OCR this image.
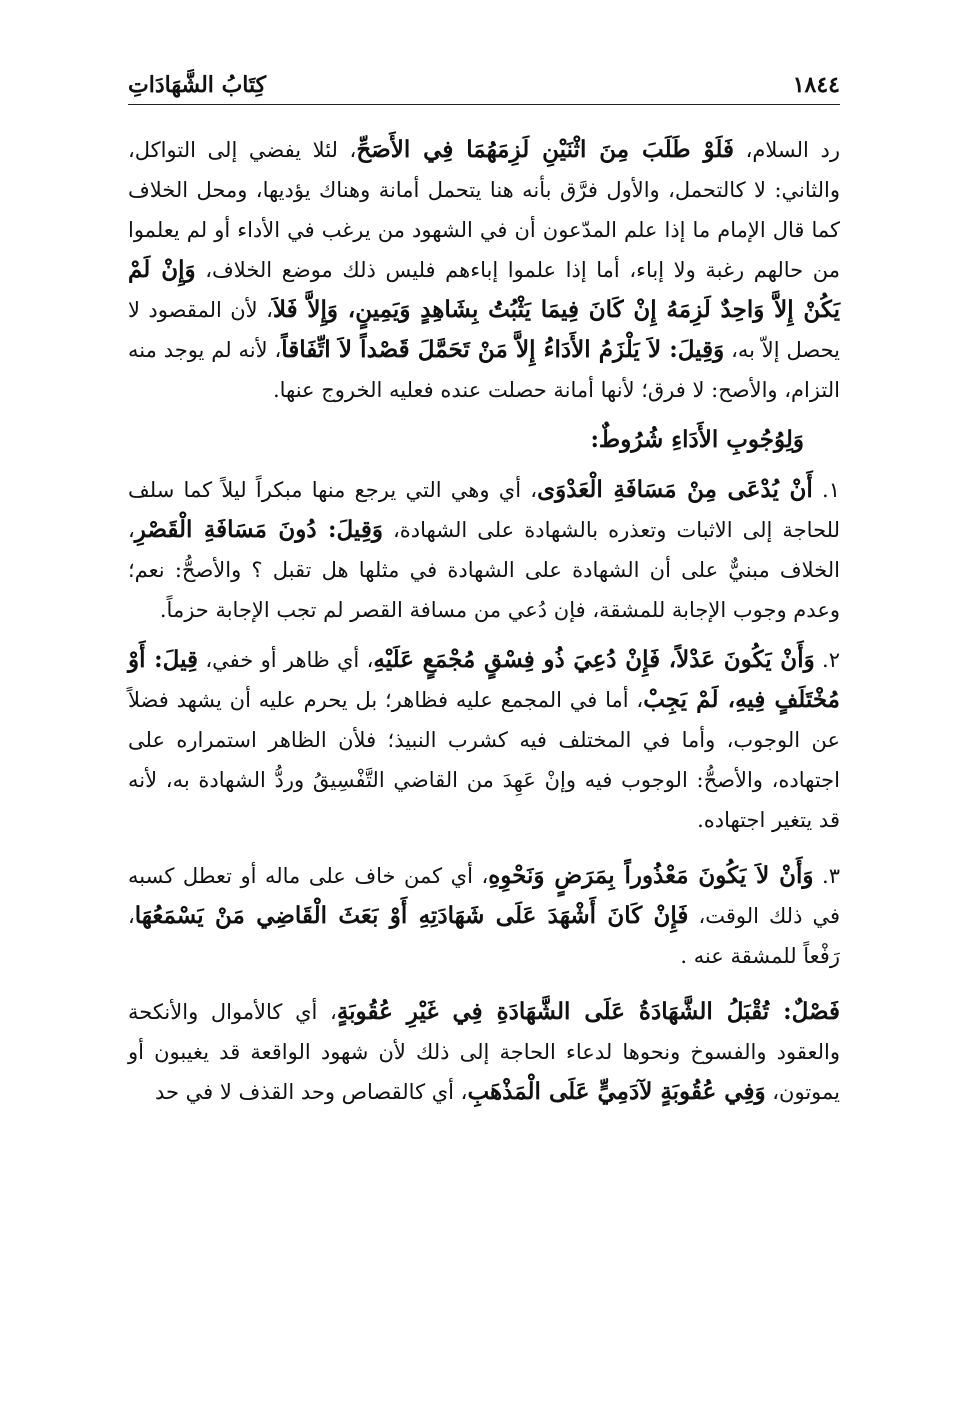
١٨٤٤
كِتَابُ الشَّهَادَاتِ

رد السلام، فَلَوْ طَلَبَ مِنَ اثْنَيْنِ لَزِمَهُمَا فِي الأَصَحِّ، لئلا يفضي إلى التواكل، والثاني: لا كالتحمل، والأول فرَّق بأنه هنا يتحمل أمانة وهناك يؤديها، ومحل الخلاف كما قال الإمام ما إذا علم المدّعون أن في الشهود من يرغب في الأداء أو لم يعلموا من حالهم رغبة ولا إباء، أما إذا علموا إباءهم فليس ذلك موضع الخلاف، وَإِنْ لَمْ يَكُنْ إِلاَّ وَاحِدٌ لَزِمَهُ إِنْ كَانَ فِيمَا يَثْبُتُ بِشَاهِدٍ وَيَمِينٍ، وَإِلاَّ فَلاَ، لأن المقصود لا يحصل إلاّ به، وَقِيلَ: لاَ يَلْزَمُ الأَدَاءُ إِلاَّ مَنْ تَحَمَّلَ قَصْداً لاَ اتِّفَاقاً، لأنه لم يوجد منه التزام، والأصح: لا فرق؛ لأنها أمانة حصلت عنده فعليه الخروج عنها.

وَلِوُجُوبِ الأَدَاءِ شُرُوطٌ:

١. أَنْ يُدْعَى مِنْ مَسَافَةِ الْعَدْوَى، أي وهي التي يرجع منها مبكراً ليلاً كما سلف للحاجة إلى الاثبات وتعذره بالشهادة على الشهادة، وَقِيلَ: دُونَ مَسَافَةِ الْقَصْرِ، الخلاف مبنيٌّ على أن الشهادة على الشهادة في مثلها هل تقبل ؟ والأصحُّ: نعم؛ وعدم وجوب الإجابة للمشقة، فإن دُعي من مسافة القصر لم تجب الإجابة حزماً.

٢. وَأَنْ يَكُونَ عَدْلاً، فَإِنْ دُعِيَ ذُو فِسْقٍ مُجْمَعٍ عَلَيْهِ، أي ظاهر أو خفي، قِيلَ: أَوْ مُخْتَلَفٍ فِيهِ، لَمْ يَجِبْ، أما في المجمع عليه فظاهر؛ بل يحرم عليه أن يشهد فضلاً عن الوجوب، وأما في المختلف فيه كشرب النبيذ؛ فلأن الظاهر استمراره على اجتهاده، والأصحُّ: الوجوب فيه وإنْ عَهِدَ من القاضي التَّفْسِيقُ وردُّ الشهادة به، لأنه قد يتغير اجتهاده.

٣. وَأَنْ لاَ يَكُونَ مَعْذُوراً بِمَرَضٍ وَنَحْوِهِ، أي كمن خاف على ماله أو تعطل كسبه في ذلك الوقت، فَإِنْ كَانَ أَشْهَدَ عَلَى شَهَادَتِهِ أَوْ بَعَثَ الْقَاضِي مَنْ يَسْمَعُهَا، رَفْعاً للمشقة عنه .

فَصْلٌ: تُقْبَلُ الشَّهَادَةُ عَلَى الشَّهَادَةِ فِي غَيْرِ عُقُوبَةٍ، أي كالأموال والأنكحة والعقود والفسوخ ونحوها لدعاء الحاجة إلى ذلك لأن شهود الواقعة قد يغيبون أو يموتون، وَفِي عُقُوبَةٍ لآدَمِيٍّ عَلَى الْمَذْهَبِ، أي كالقصاص وحد القذف لا في حد
